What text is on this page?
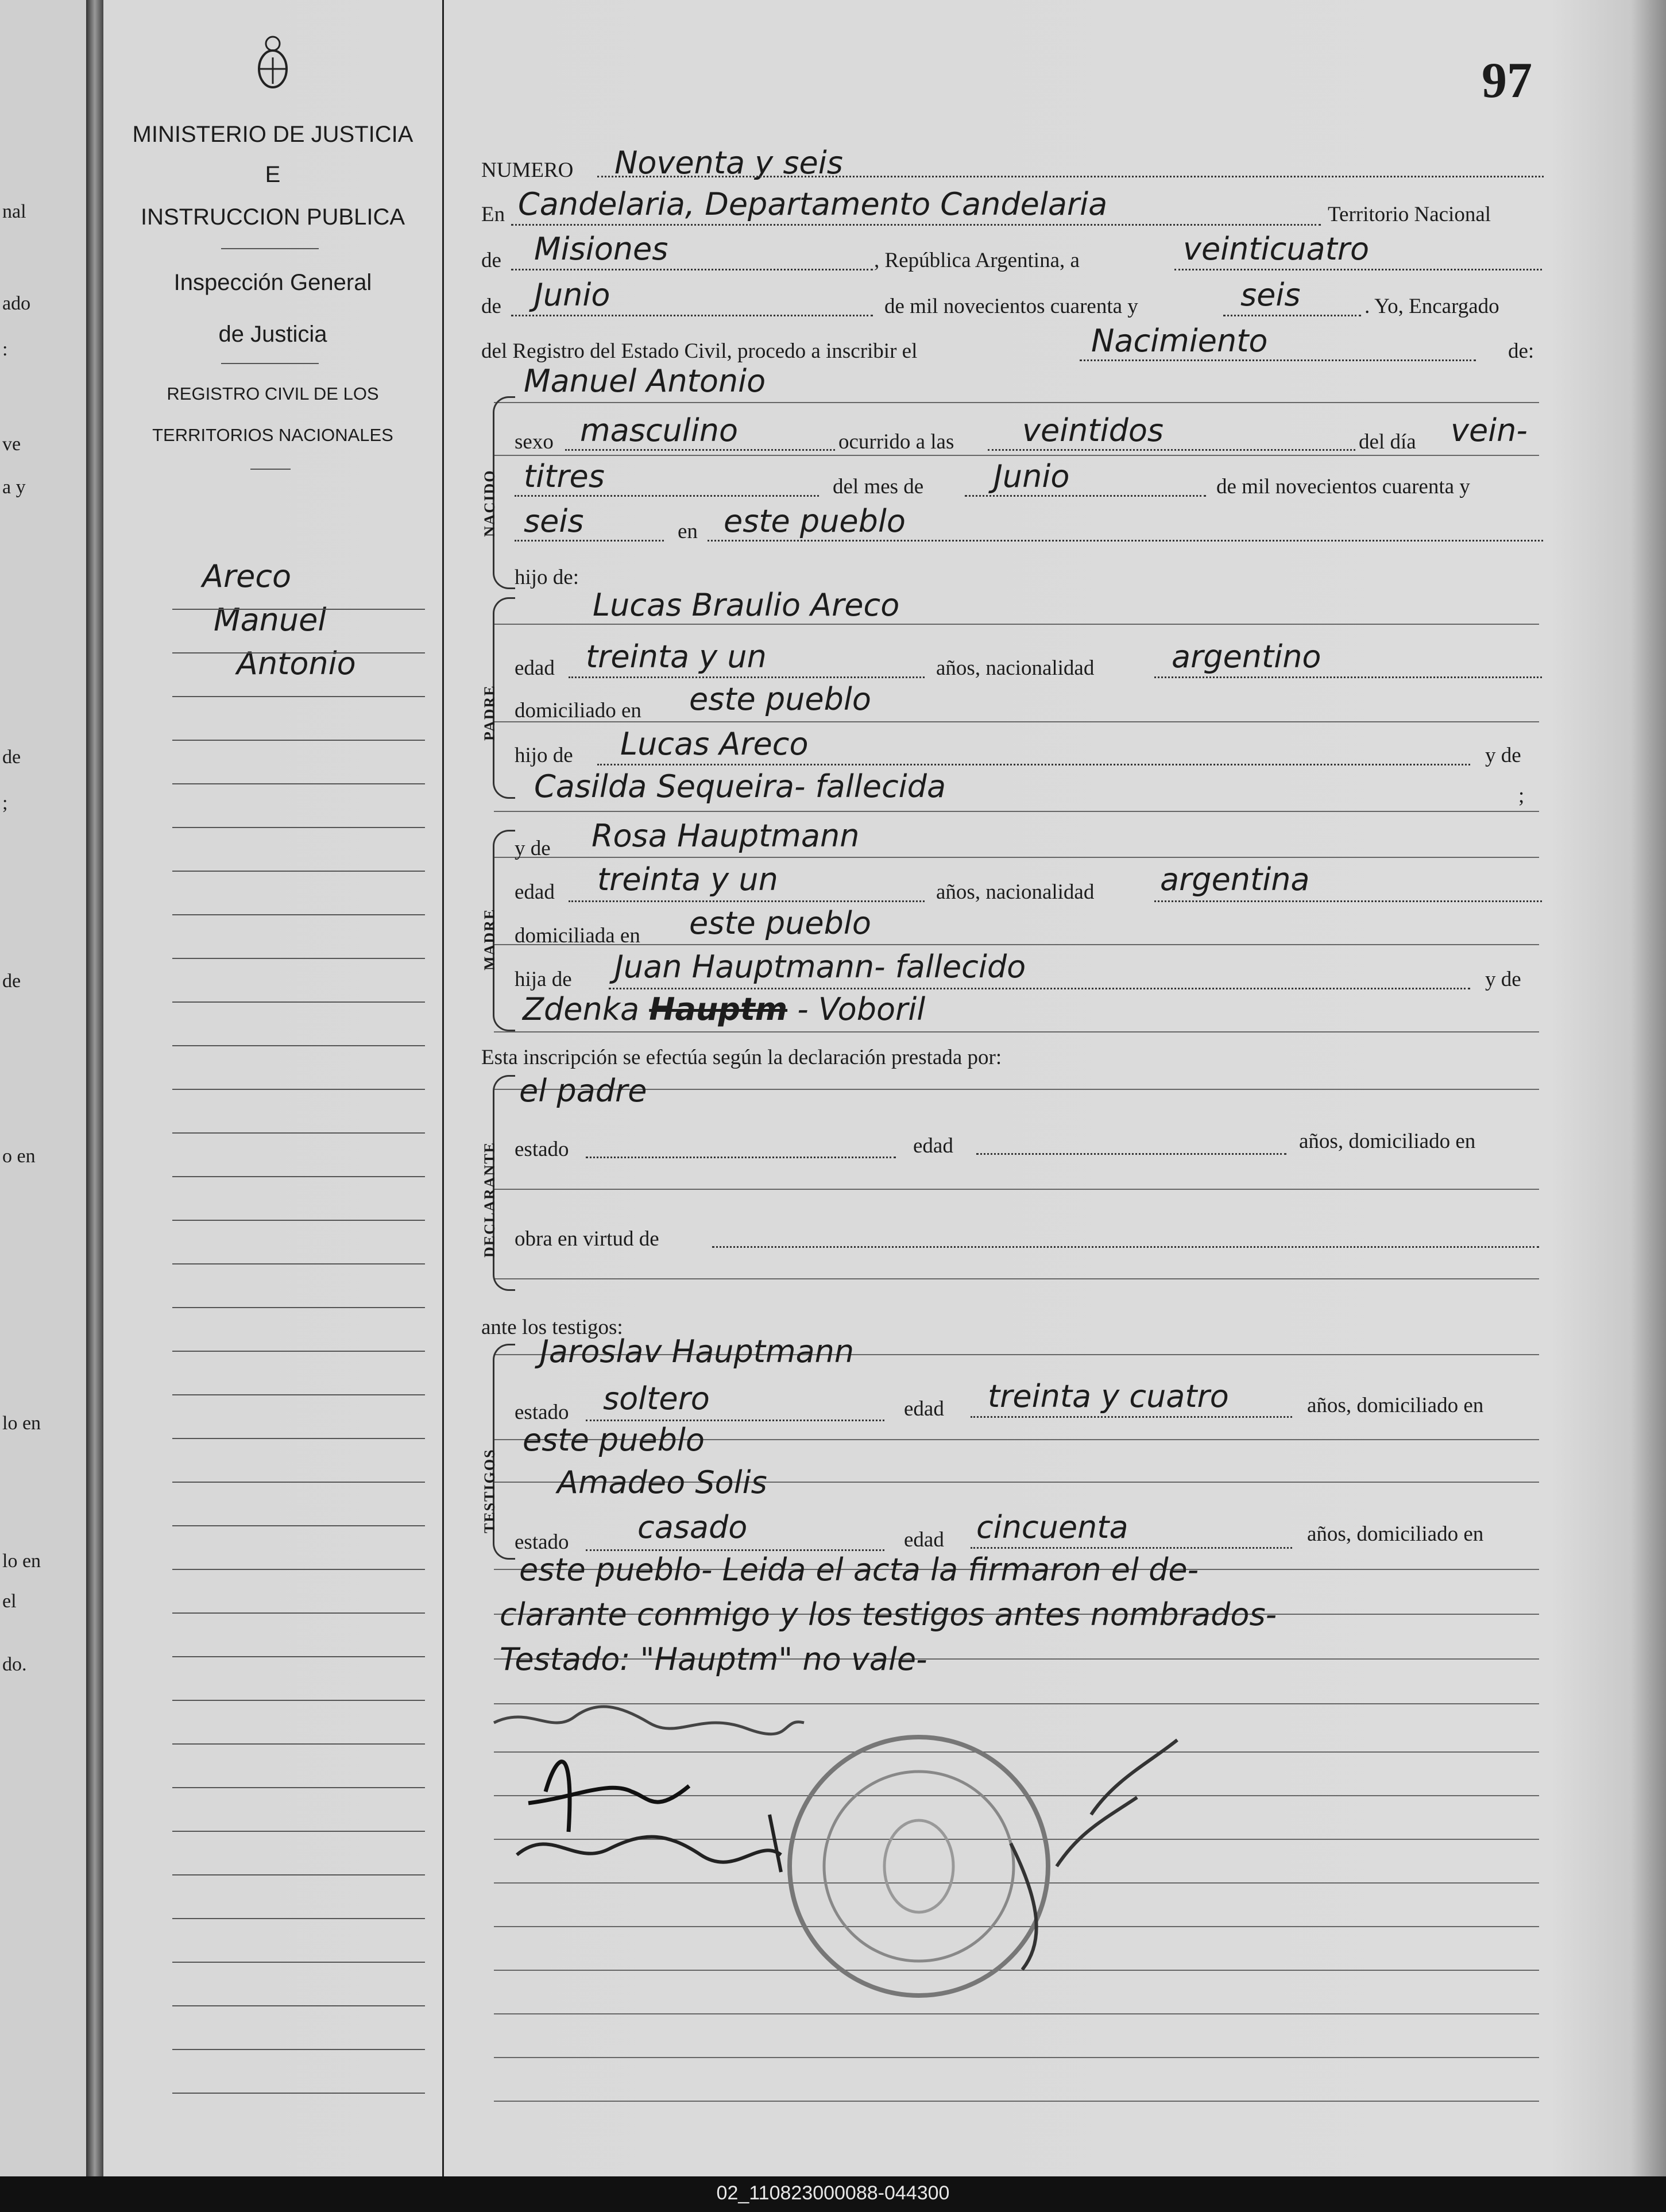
MINISTERIO DE JUSTICIA
E
INSTRUCCION PUBLICA
Inspección General
de Justicia
REGISTRO CIVIL DE LOS
TERRITORIOS NACIONALES
Areco
Manuel
Antonio
nal
ado
:
ve
a y
de
;
de
o en
lo en
lo en
el
do.
97
NUMERO Noventa y seis
En Candelaria, Departamento Candelaria	Territorio Nacional
de Misiones	, República Argentina, a	veinticuatro
de Junio	de mil novecientos cuarenta y	seis	. Yo, Encargado
del Registro del Estado Civil, procedo a inscribir el	Nacimiento	de:
Manuel Antonio
NACIDO
sexo masculino	ocurrido a las veintidos	del día vein-
titres	del mes de Junio	de mil novecientos cuarenta y
seis	en este pueblo
hijo de:
PADRE
Lucas Braulio Areco
edad treinta y un	años, nacionalidad argentino
domiciliado en este pueblo
hijo de Lucas Areco	y de
Casilda Sequeira- fallecida	;
MADRE
y de Rosa Hauptmann
edad treinta y un	años, nacionalidad argentina
domiciliada en este pueblo
hija de Juan Hauptmann- fallecido	y de
Zdenka Hauptm - Voboril
Esta inscripción se efectúa según la declaración prestada por:
DECLARANTE
el padre
estado	edad	años, domiciliado en
obra en virtud de
ante los testigos:
TESTIGOS
Jaroslav Hauptmann
estado soltero	edad treinta y cuatro	años, domiciliado en
este pueblo
Amadeo Solis
estado casado	edad cincuenta	años, domiciliado en
este pueblo- Leida el acta la firmaron el de-
clarante conmigo y los testigos antes nombrados-
Testado: "Hauptm" no vale-
02_110823000088-044300
